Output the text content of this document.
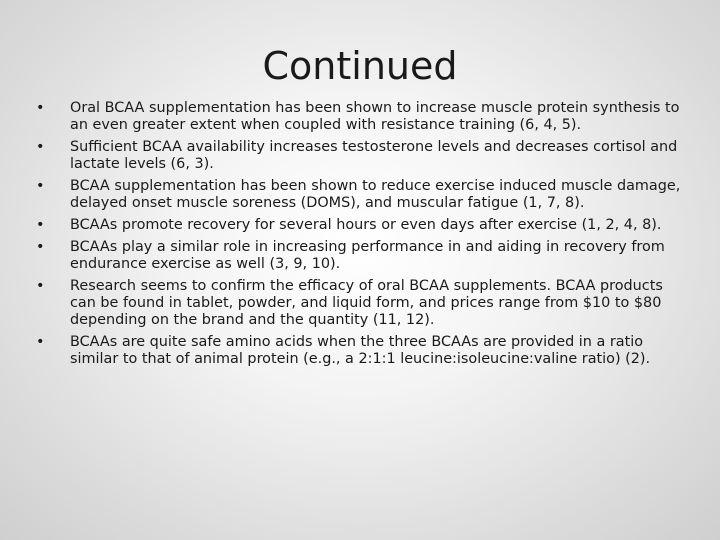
Continued
•	Oral BCAA supplementation has been shown to increase muscle protein synthesis to an even greater extent when coupled with resistance training (6, 4, 5).
•	Sufficient BCAA availability increases testosterone levels and decreases cortisol and lactate levels (6, 3).
•	BCAA supplementation has been shown to reduce exercise induced muscle damage, delayed onset muscle soreness (DOMS), and muscular fatigue (1, 7, 8).
•	BCAAs promote recovery for several hours or even days after exercise (1, 2, 4, 8).
•	BCAAs play a similar role in increasing performance in and aiding in recovery from endurance exercise as well (3, 9, 10).
•	Research seems to confirm the efficacy of oral BCAA supplements. BCAA products can be found in tablet, powder, and liquid form, and prices range from $10 to $80 depending on the brand and the quantity (11, 12).
•	BCAAs are quite safe amino acids when the three BCAAs are provided in a ratio similar to that of animal protein (e.g., a 2:1:1 leucine:isoleucine:valine ratio) (2).
